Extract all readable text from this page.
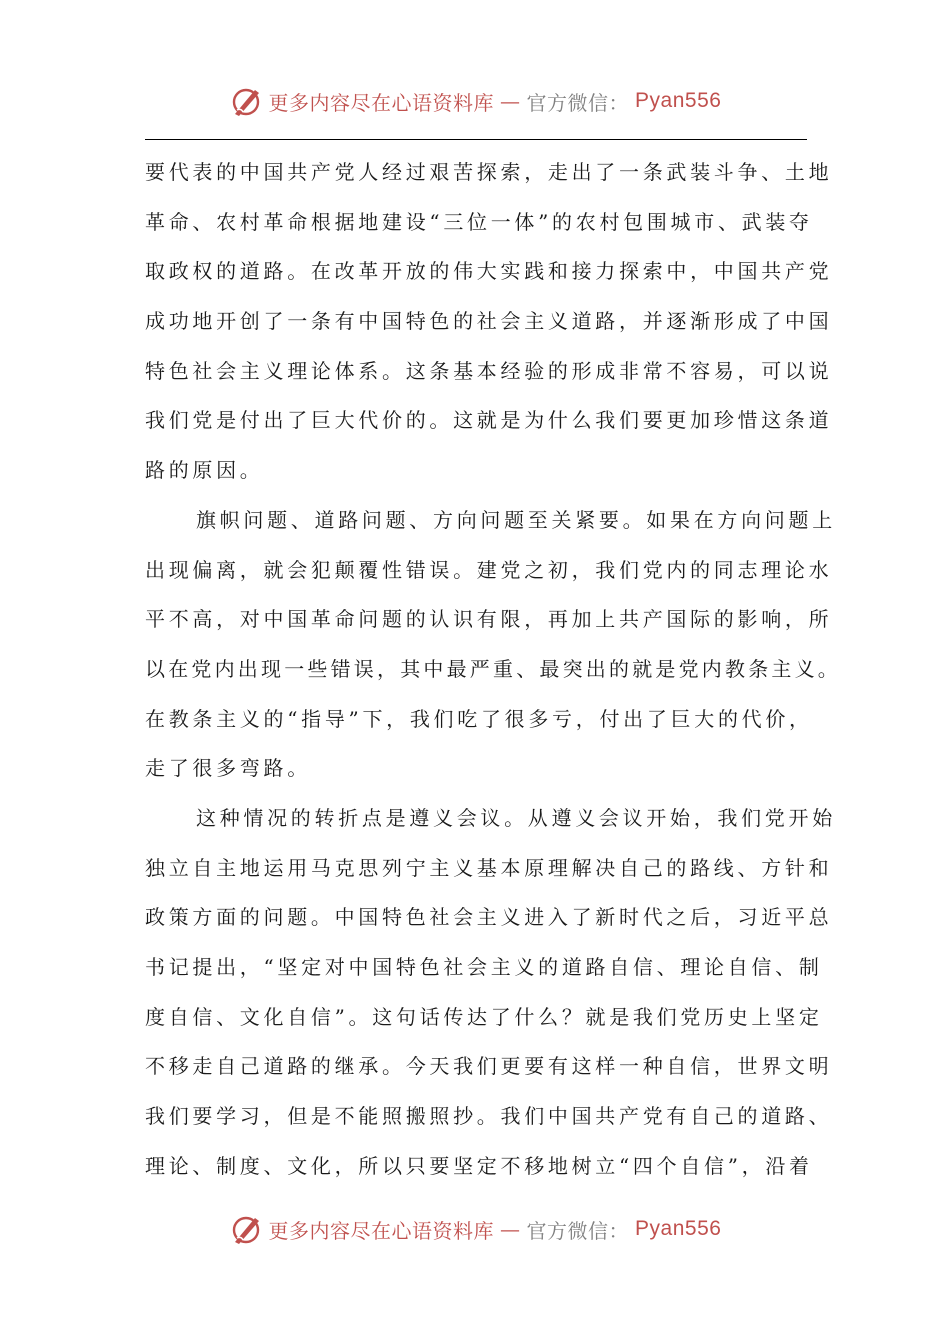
更多内容尽在心语资料库 — 官方微信： Pyan556
要代表的中国共产党人经过艰苦探索，走出了一条武装斗争、土地
革命、农村革命根据地建设“三位一体”的农村包围城市、武装夺
取政权的道路。在改革开放的伟大实践和接力探索中，中国共产党
成功地开创了一条有中国特色的社会主义道路，并逐渐形成了中国
特色社会主义理论体系。这条基本经验的形成非常不容易，可以说
我们党是付出了巨大代价的。这就是为什么我们要更加珍惜这条道
路的原因。
旗帜问题、道路问题、方向问题至关紧要。如果在方向问题上
出现偏离，就会犯颠覆性错误。建党之初，我们党内的同志理论水
平不高，对中国革命问题的认识有限，再加上共产国际的影响，所
以在党内出现一些错误，其中最严重、最突出的就是党内教条主义。
在教条主义的“指导”下，我们吃了很多亏，付出了巨大的代价，
走了很多弯路。
这种情况的转折点是遵义会议。从遵义会议开始，我们党开始
独立自主地运用马克思列宁主义基本原理解决自己的路线、方针和
政策方面的问题。中国特色社会主义进入了新时代之后，习近平总
书记提出，“坚定对中国特色社会主义的道路自信、理论自信、制
度自信、文化自信”。这句话传达了什么？就是我们党历史上坚定
不移走自己道路的继承。今天我们更要有这样一种自信，世界文明
我们要学习，但是不能照搬照抄。我们中国共产党有自己的道路、
理论、制度、文化，所以只要坚定不移地树立“四个自信”，沿着
更多内容尽在心语资料库 — 官方微信： Pyan556
